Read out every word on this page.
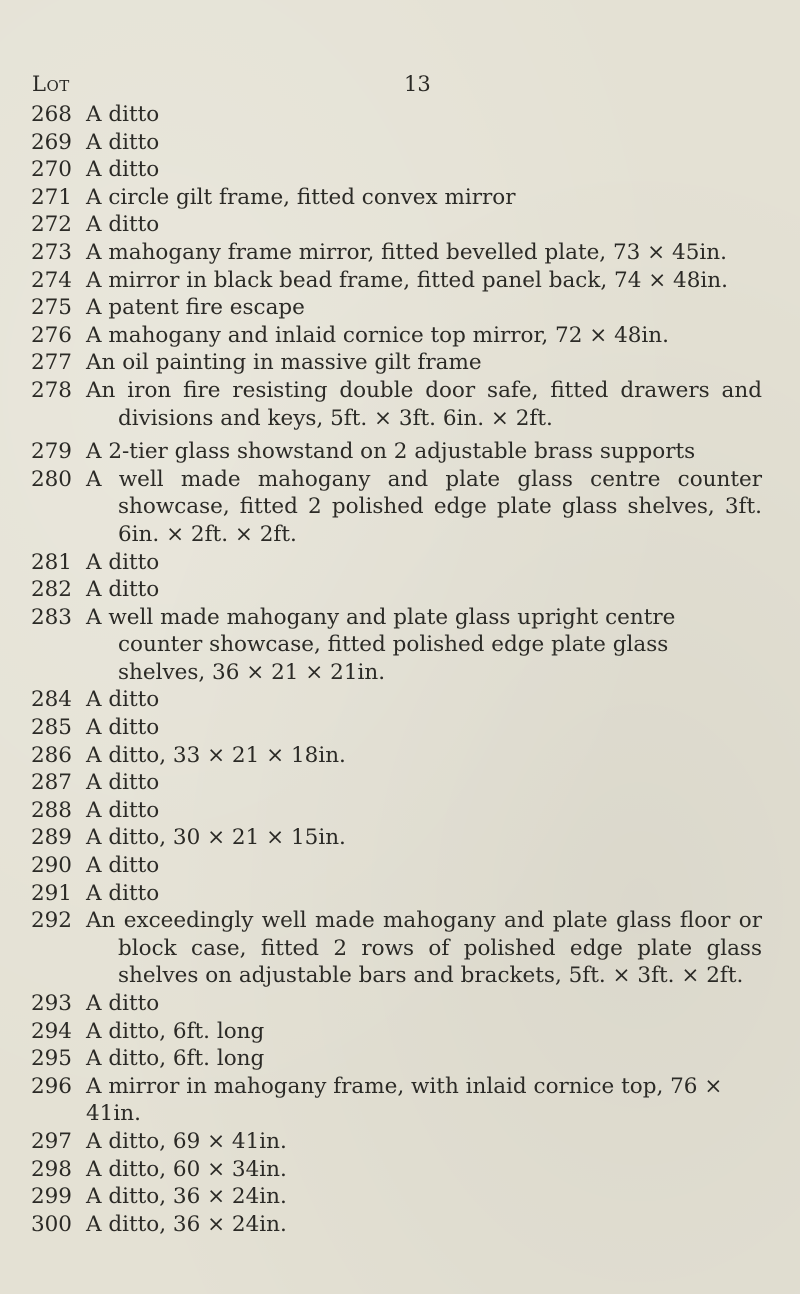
Lot	13
268 A ditto
269 A ditto
270 A ditto
271 A circle gilt frame, fitted convex mirror
272 A ditto
273 A mahogany frame mirror, fitted bevelled plate, 73 × 45in.
274 A mirror in black bead frame, fitted panel back, 74 × 48in.
275 A patent fire escape
276 A mahogany and inlaid cornice top mirror, 72 × 48in.
277 An oil painting in massive gilt frame
278 An iron fire resisting double door safe, fitted drawers and divisions and keys, 5ft. × 3ft. 6in. × 2ft.
279 A 2-tier glass showstand on 2 adjustable brass supports
280 A well made mahogany and plate glass centre counter showcase, fitted 2 polished edge plate glass shelves, 3ft. 6in. × 2ft. × 2ft.
281 A ditto
282 A ditto
283 A well made mahogany and plate glass upright centre counter showcase, fitted polished edge plate glass shelves, 36 × 21 × 21in.
284 A ditto
285 A ditto
286 A ditto, 33 × 21 × 18in.
287 A ditto
288 A ditto
289 A ditto, 30 × 21 × 15in.
290 A ditto
291 A ditto
292 An exceedingly well made mahogany and plate glass floor or block case, fitted 2 rows of polished edge plate glass shelves on adjustable bars and brackets, 5ft. × 3ft. × 2ft.
293 A ditto
294 A ditto, 6ft. long
295 A ditto, 6ft. long
296 A mirror in mahogany frame, with inlaid cornice top, 76 × 41in.
297 A ditto, 69 × 41in.
298 A ditto, 60 × 34in.
299 A ditto, 36 × 24in.
300 A ditto, 36 × 24in.
